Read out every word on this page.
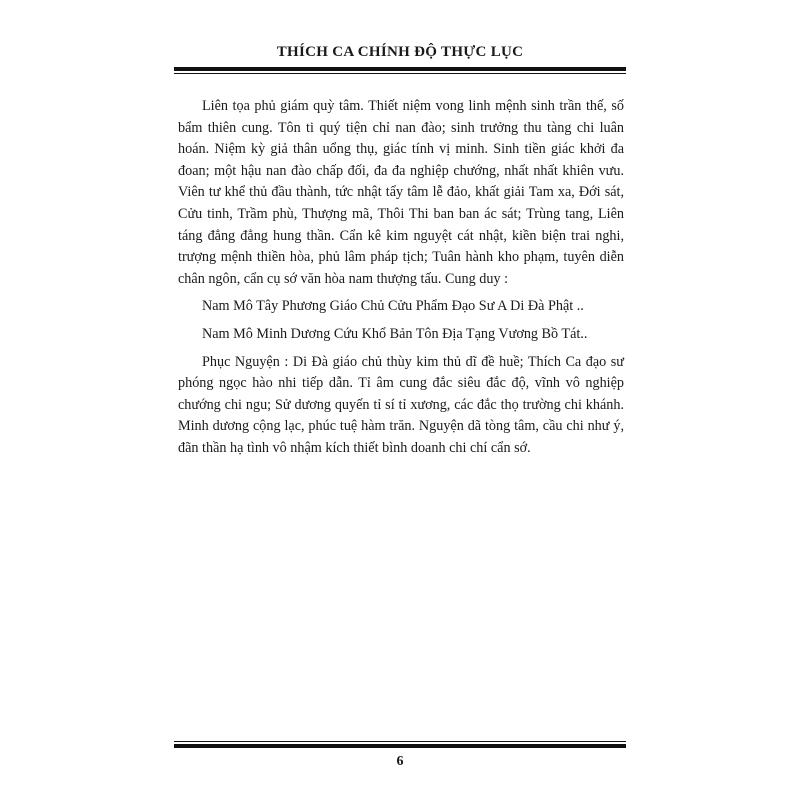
THÍCH CA CHÍNH ĐỘ THỰC LỤC

Liên tọa phủ giám quỳ tâm. Thiết niệm vong linh mệnh sinh trần thế, số bẩm thiên cung. Tôn ti quý tiện chỉ nan đào; sinh trưởng thu tàng chi luân hoán. Niệm kỳ giả thân uổng thụ, giác tính vị minh. Sinh tiền giác khởi đa đoan; một hậu nan đào chấp đối, đa đa nghiệp chướng, nhất nhất khiên vưu. Viên tư khể thủ đầu thành, tức nhật tẩy tâm lễ đảo, khất giải Tam xa, Đới sát, Cửu tinh, Trầm phù, Thượng mã, Thôi Thi ban ban ác sát; Trùng tang, Liên táng đẳng đẳng hung thần. Cẩn kê kim nguyệt cát nhật, kiền biện trai nghi, trượng mệnh thiền hòa, phủ lâm pháp tịch; Tuân hành kho phạm, tuyên diễn chân ngôn, cẩn cụ sớ văn hòa nam thượng tấu. Cung duy :

Nam Mô Tây Phương Giáo Chủ Cửu Phẩm Đạo Sư A Di Đà Phật ..

Nam Mô Minh Dương Cứu Khổ Bản Tôn Địa Tạng Vương Bồ Tát..

Phục Nguyện : Di Đà giáo chủ thùy kim thủ dĩ đề huề; Thích Ca đạo sư phóng ngọc hào nhi tiếp dẫn. Tỉ âm cung đắc siêu đắc độ, vĩnh vô nghiệp chướng chi ngu; Sử dương quyến tỉ sí tỉ xương, các đắc thọ trường chi khánh. Minh dương cộng lạc, phúc tuệ hàm trăn. Nguyện dã tòng tâm, cầu chi như ý, đãn thần hạ tình vô nhậm kích thiết bình doanh chi chí cẩn sớ.

6
